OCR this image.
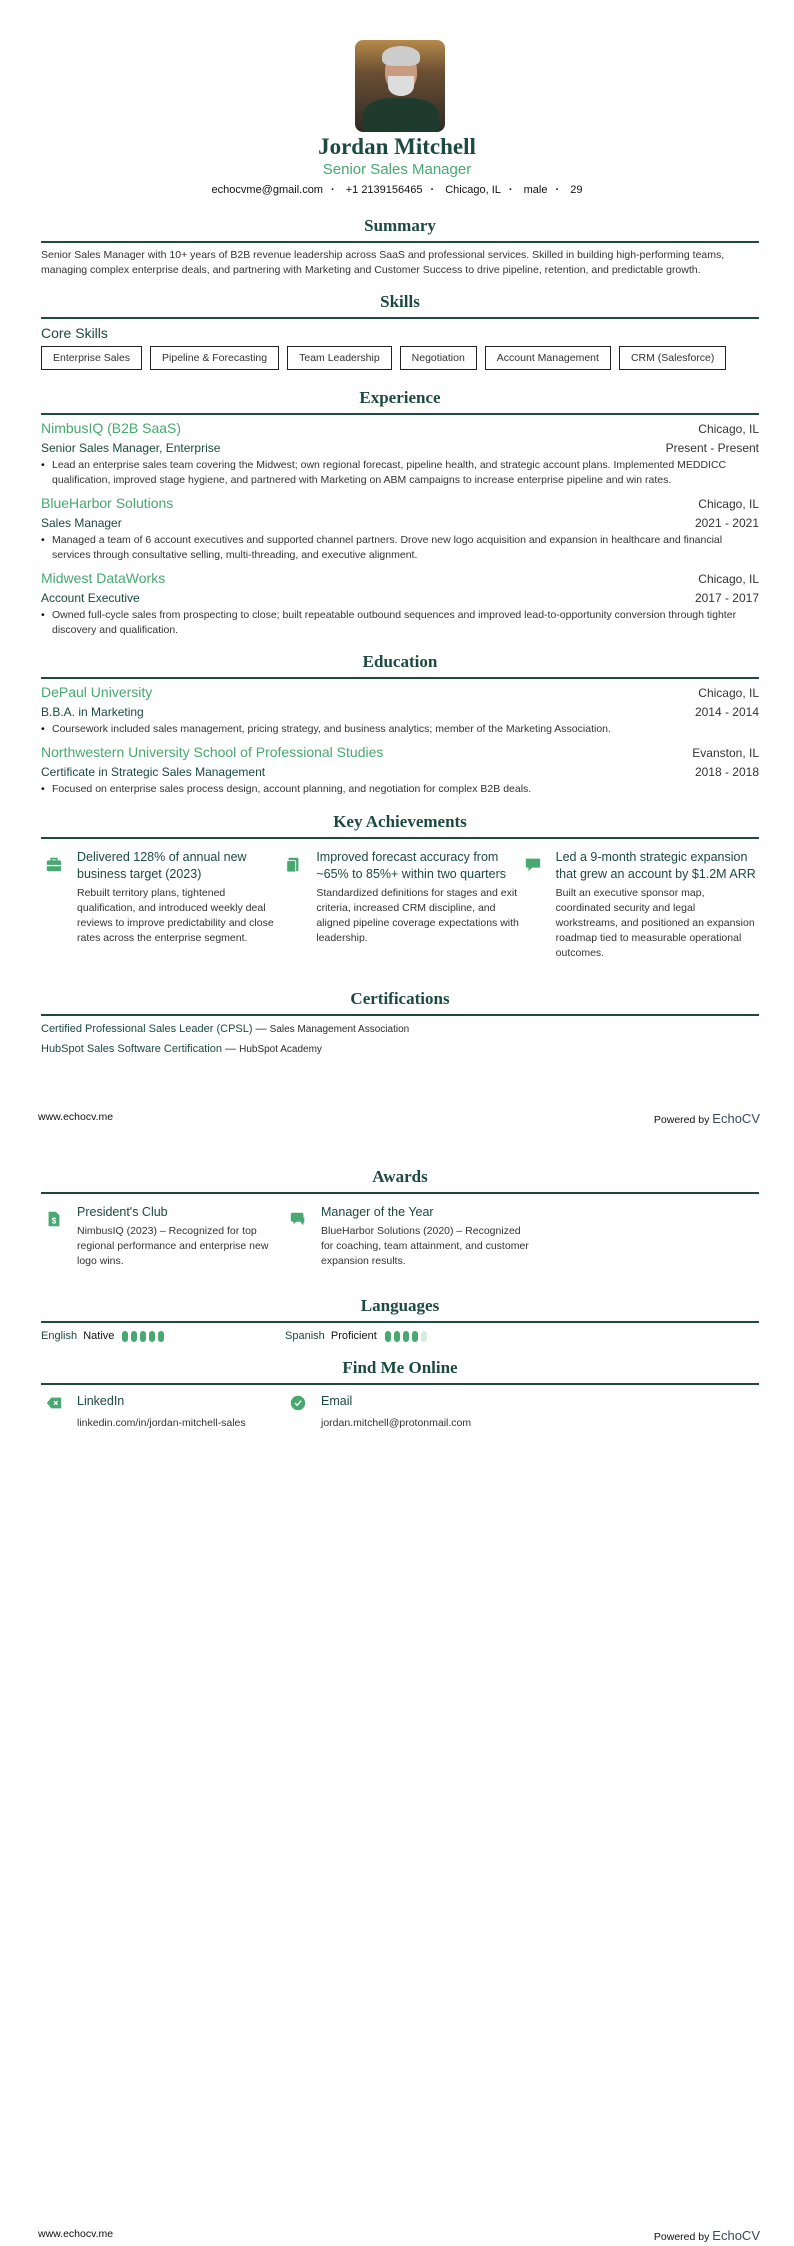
Jordan Mitchell
Senior Sales Manager
echocvme@gmail.com · +1 2139156465 · Chicago, IL · male · 29
Summary

Senior Sales Manager with 10+ years of B2B revenue leadership across SaaS and professional services. Skilled in building high-performing teams, managing complex enterprise deals, and partnering with Marketing and Customer Success to drive pipeline, retention, and predictable growth.

Skills
Core Skills
Enterprise Sales	Pipeline & Forecasting	Team Leadership	Negotiation	Account Management	CRM (Salesforce)
Experience
NimbusIQ (B2B SaaS)	Chicago, IL
Senior Sales Manager, Enterprise	Present - Present
• Lead an enterprise sales team covering the Midwest; own regional forecast, pipeline health, and strategic account plans. Implemented MEDDICC qualification, improved stage hygiene, and partnered with Marketing on ABM campaigns to increase enterprise pipeline and win rates.
BlueHarbor Solutions	Chicago, IL
Sales Manager	2021 - 2021
• Managed a team of 6 account executives and supported channel partners. Drove new logo acquisition and expansion in healthcare and financial services through consultative selling, multi-threading, and executive alignment.
Midwest DataWorks	Chicago, IL
Account Executive	2017 - 2017
• Owned full-cycle sales from prospecting to close; built repeatable outbound sequences and improved lead-to-opportunity conversion through tighter discovery and qualification.
Education
DePaul University	Chicago, IL
B.B.A. in Marketing	2014 - 2014
• Coursework included sales management, pricing strategy, and business analytics; member of the Marketing Association.
Northwestern University School of Professional Studies	Evanston, IL
Certificate in Strategic Sales Management	2018 - 2018
• Focused on enterprise sales process design, account planning, and negotiation for complex B2B deals.
Key Achievements
Delivered 128% of annual new business target (2023)

Rebuilt territory plans, tightened qualification, and introduced weekly deal reviews to improve predictability and close rates across the enterprise segment.

Improved forecast accuracy from ~65% to 85%+ within two quarters

Standardized definitions for stages and exit criteria, increased CRM discipline, and aligned pipeline coverage expectations with leadership.

Led a 9-month strategic expansion that grew an account by $1.2M ARR

Built an executive sponsor map, coordinated security and legal workstreams, and positioned an expansion roadmap tied to measurable operational outcomes.

Certifications
Certified Professional Sales Leader (CPSL) — Sales Management Association
HubSpot Sales Software Certification — HubSpot Academy
www.echocv.me	Powered by EchoCV
Awards
$
President's Club

NimbusIQ (2023) – Recognized for top regional performance and enterprise new logo wins.

Manager of the Year

BlueHarbor Solutions (2020) – Recognized for coaching, team attainment, and customer expansion results.

Languages
English Native	Spanish Proficient
Find Me Online
LinkedIn

linkedin.com/in/jordan-mitchell-sales

Email

jordan.mitchell@protonmail.com

www.echocv.me	Powered by EchoCV
